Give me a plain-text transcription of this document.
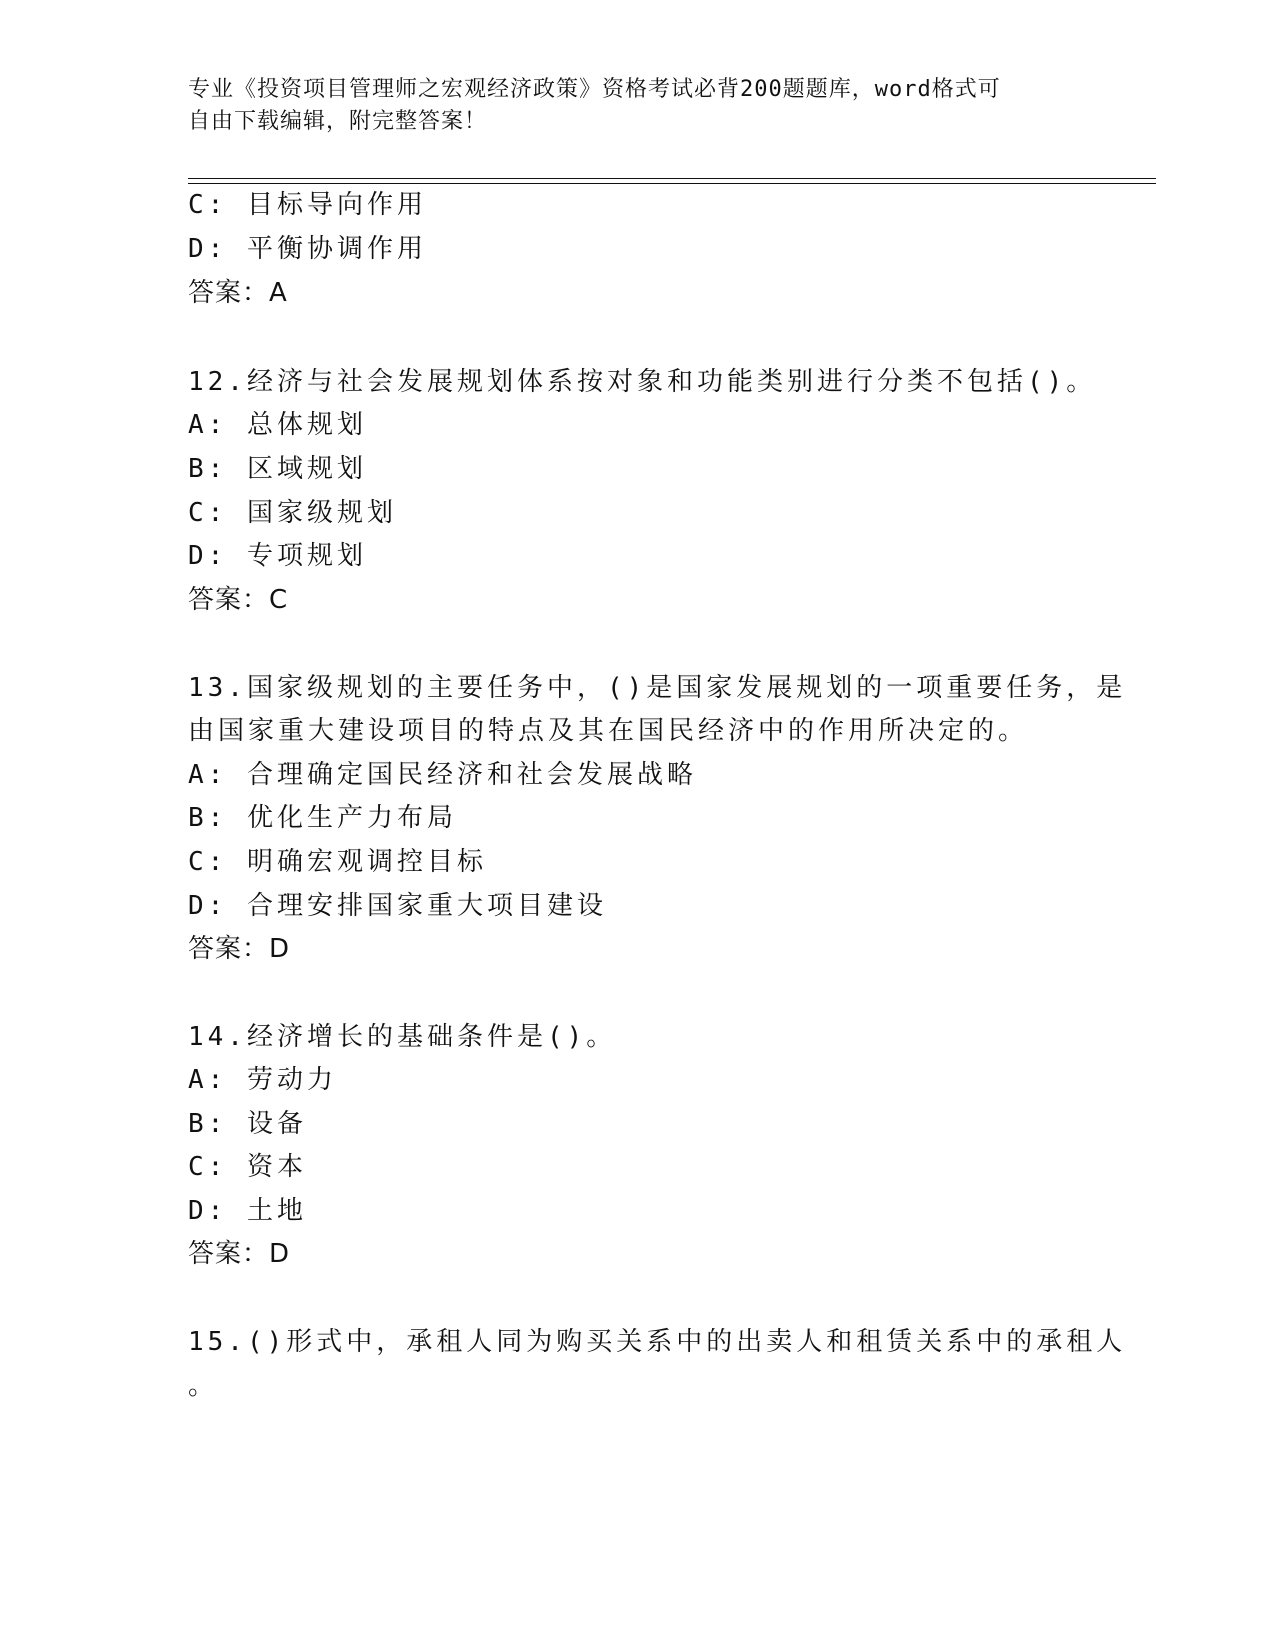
专业《投资项目管理师之宏观经济政策》资格考试必背200题题库，word格式可
自由下载编辑，附完整答案！
C: 目标导向作用
D: 平衡协调作用
答案：A
12.经济与社会发展规划体系按对象和功能类别进行分类不包括()。
A: 总体规划
B: 区域规划
C: 国家级规划
D: 专项规划
答案：C
13.国家级规划的主要任务中，()是国家发展规划的一项重要任务，是
由国家重大建设项目的特点及其在国民经济中的作用所决定的。
A: 合理确定国民经济和社会发展战略
B: 优化生产力布局
C: 明确宏观调控目标
D: 合理安排国家重大项目建设
答案：D
14.经济增长的基础条件是()。
A: 劳动力
B: 设备
C: 资本
D: 土地
答案：D
15.()形式中，承租人同为购买关系中的出卖人和租赁关系中的承租人
。
